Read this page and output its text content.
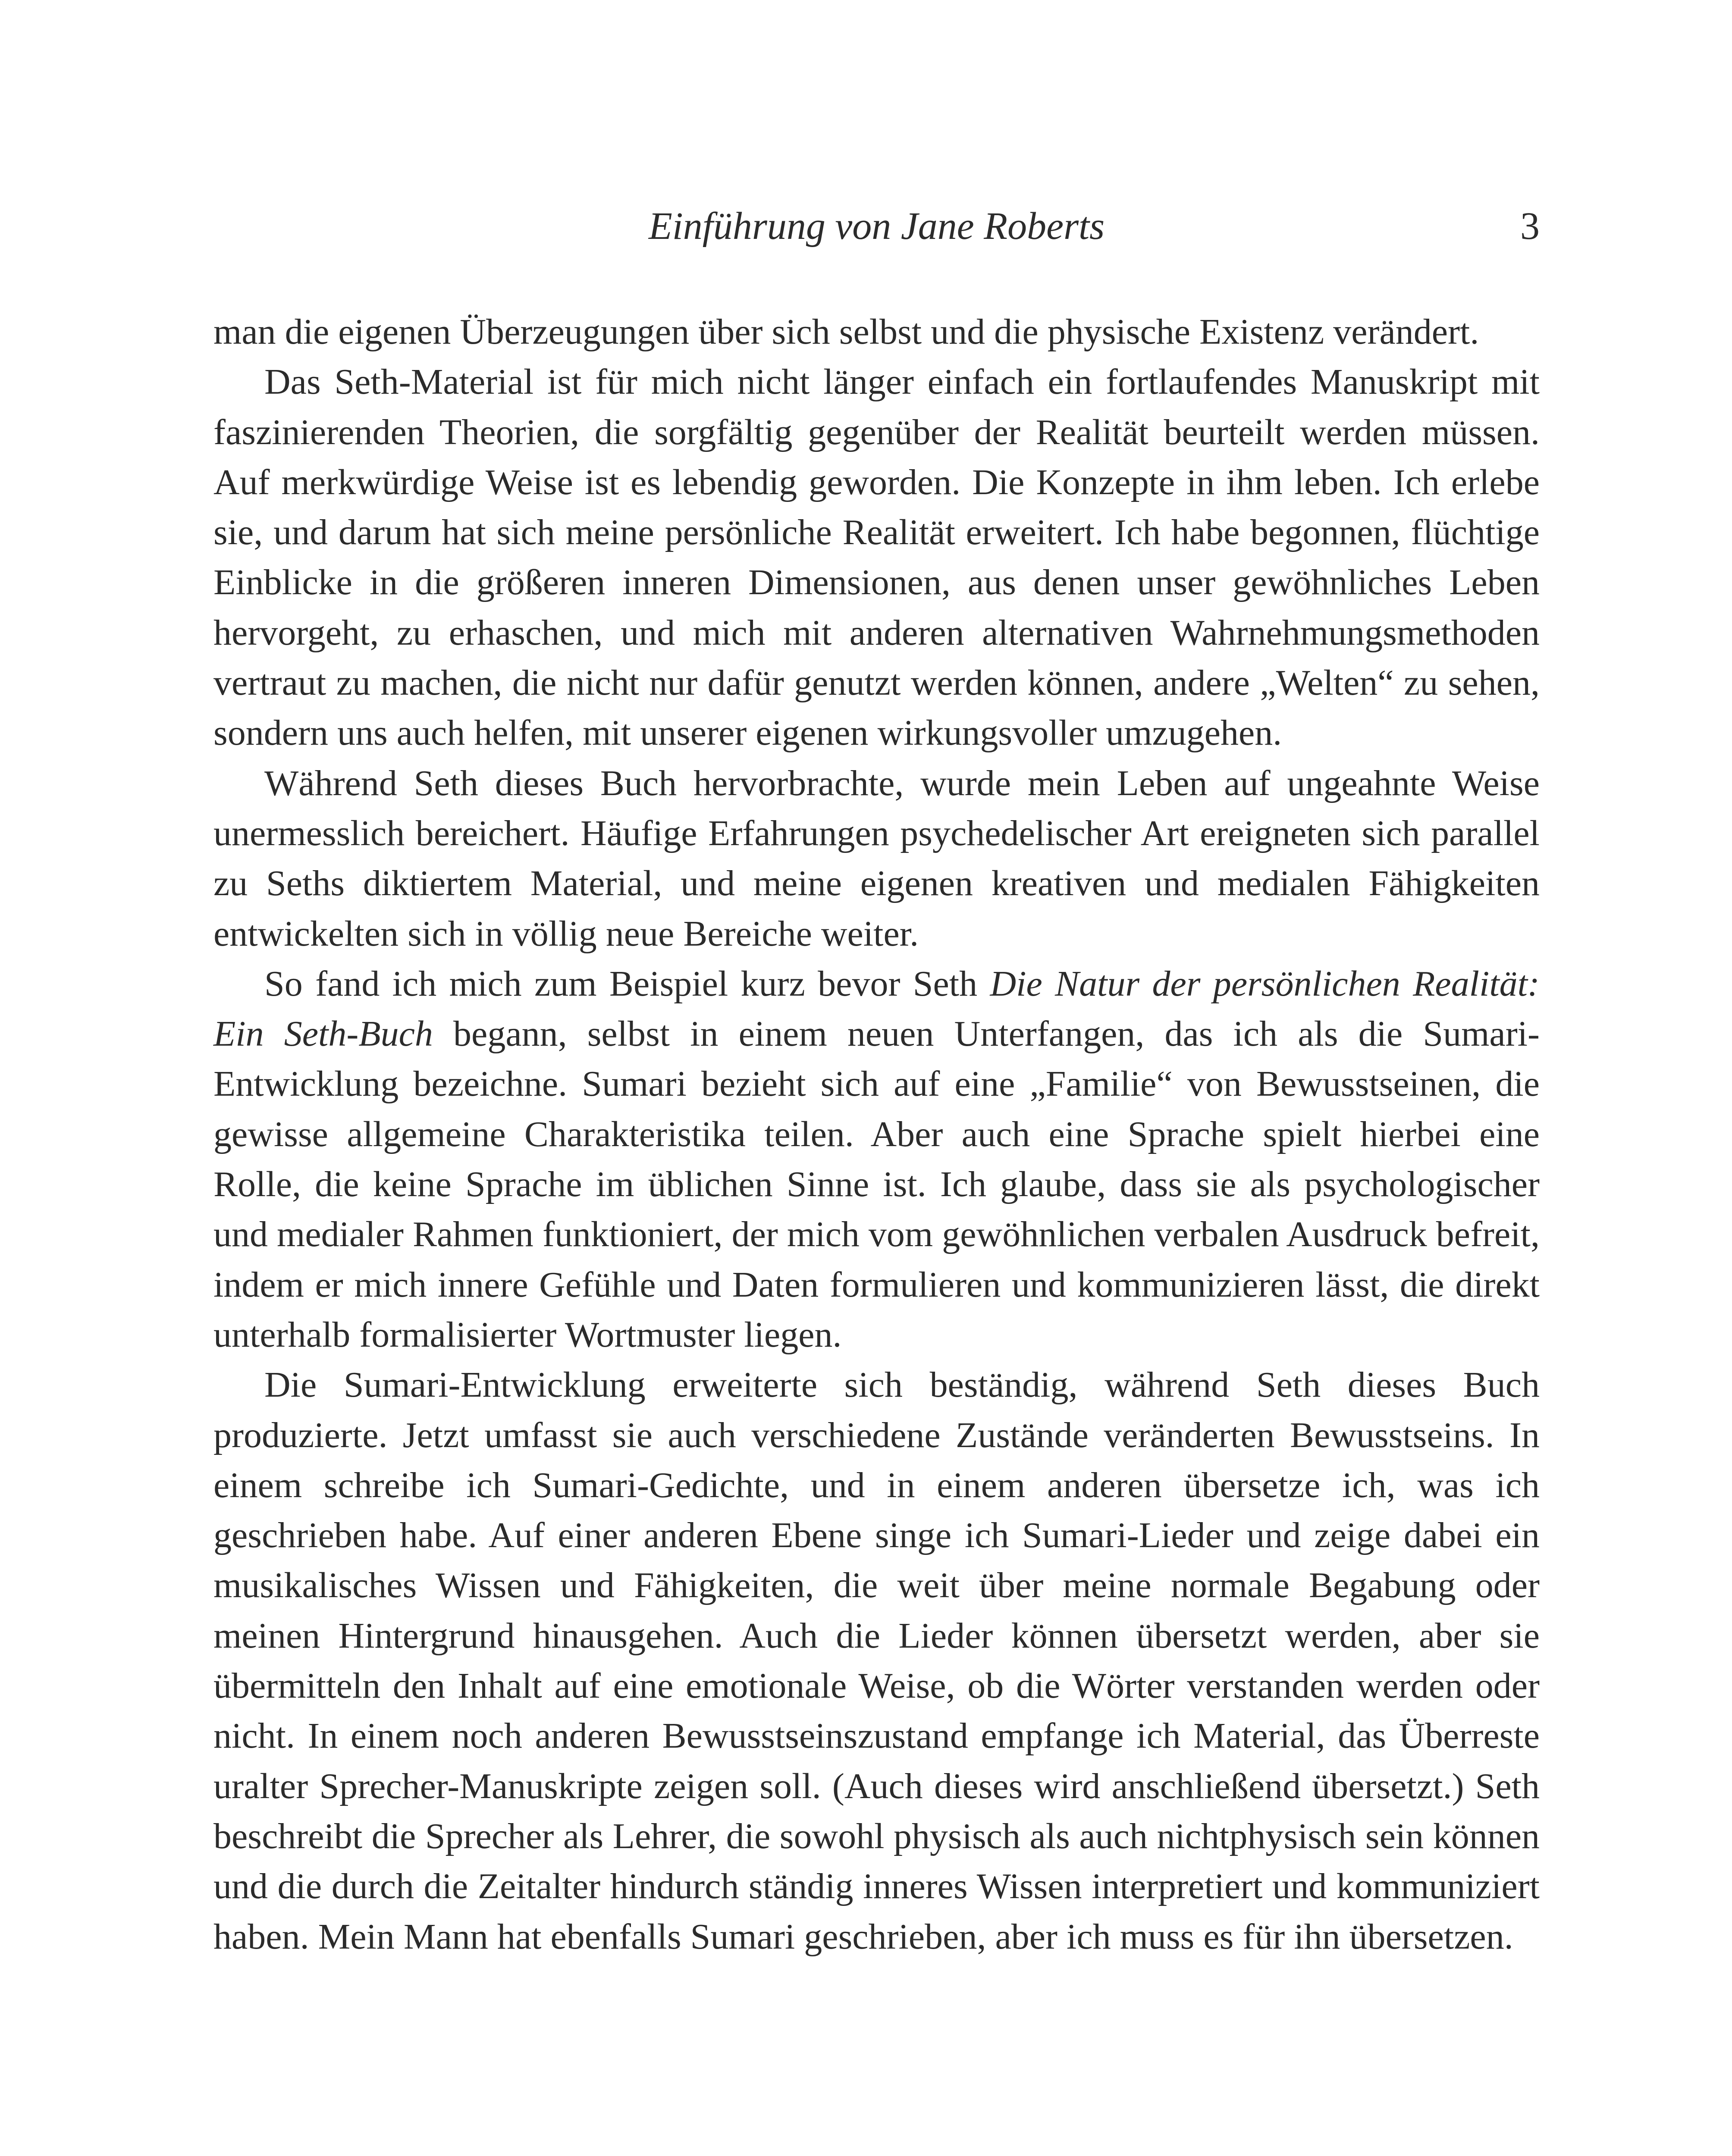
Einführung von Jane Roberts	3

man die eigenen Überzeugungen über sich selbst und die physische Existenz verändert.

Das Seth-Material ist für mich nicht länger einfach ein fortlaufendes Manuskript mit faszinierenden Theorien, die sorgfältig gegenüber der Realität beurteilt werden müssen. Auf merkwürdige Weise ist es lebendig geworden. Die Konzepte in ihm leben. Ich erlebe sie, und darum hat sich meine persönliche Realität erweitert. Ich habe begonnen, flüchtige Einblicke in die größeren inneren Dimensionen, aus denen unser gewöhnliches Leben hervorgeht, zu erhaschen, und mich mit anderen alternativen Wahrnehmungsmethoden vertraut zu machen, die nicht nur dafür genutzt werden können, andere „Welten“ zu sehen, sondern uns auch helfen, mit unserer eigenen wirkungsvoller umzugehen.

Während Seth dieses Buch hervorbrachte, wurde mein Leben auf ungeahnte Weise unermesslich bereichert. Häufige Erfahrungen psychedelischer Art ereigneten sich parallel zu Seths diktiertem Material, und meine eigenen kreativen und medialen Fähigkeiten entwickelten sich in völlig neue Bereiche weiter.

So fand ich mich zum Beispiel kurz bevor Seth Die Natur der persönlichen Realität: Ein Seth-Buch begann, selbst in einem neuen Unterfangen, das ich als die Sumari-Entwicklung bezeichne. Sumari bezieht sich auf eine „Familie“ von Bewusstseinen, die gewisse allgemeine Charakteristika teilen. Aber auch eine Sprache spielt hierbei eine Rolle, die keine Sprache im üblichen Sinne ist. Ich glaube, dass sie als psychologischer und medialer Rahmen funktioniert, der mich vom gewöhnlichen verbalen Ausdruck befreit, indem er mich innere Gefühle und Daten formulieren und kommunizieren lässt, die direkt unterhalb formalisierter Wortmuster liegen.

Die Sumari-Entwicklung erweiterte sich beständig, während Seth dieses Buch produzierte. Jetzt umfasst sie auch verschiedene Zustände veränderten Bewusstseins. In einem schreibe ich Sumari-Gedichte, und in einem anderen übersetze ich, was ich geschrieben habe. Auf einer anderen Ebene singe ich Sumari-Lieder und zeige dabei ein musikalisches Wissen und Fähigkeiten, die weit über meine normale Begabung oder meinen Hintergrund hinausgehen. Auch die Lieder können übersetzt werden, aber sie übermitteln den Inhalt auf eine emotionale Weise, ob die Wörter verstanden werden oder nicht. In einem noch anderen Bewusstseinszustand empfange ich Material, das Überreste uralter Sprecher-Manuskripte zeigen soll. (Auch dieses wird anschließend übersetzt.) Seth beschreibt die Sprecher als Lehrer, die sowohl physisch als auch nichtphysisch sein können und die durch die Zeitalter hindurch ständig inneres Wissen interpretiert und kommuniziert haben. Mein Mann hat ebenfalls Sumari geschrieben, aber ich muss es für ihn übersetzen.
